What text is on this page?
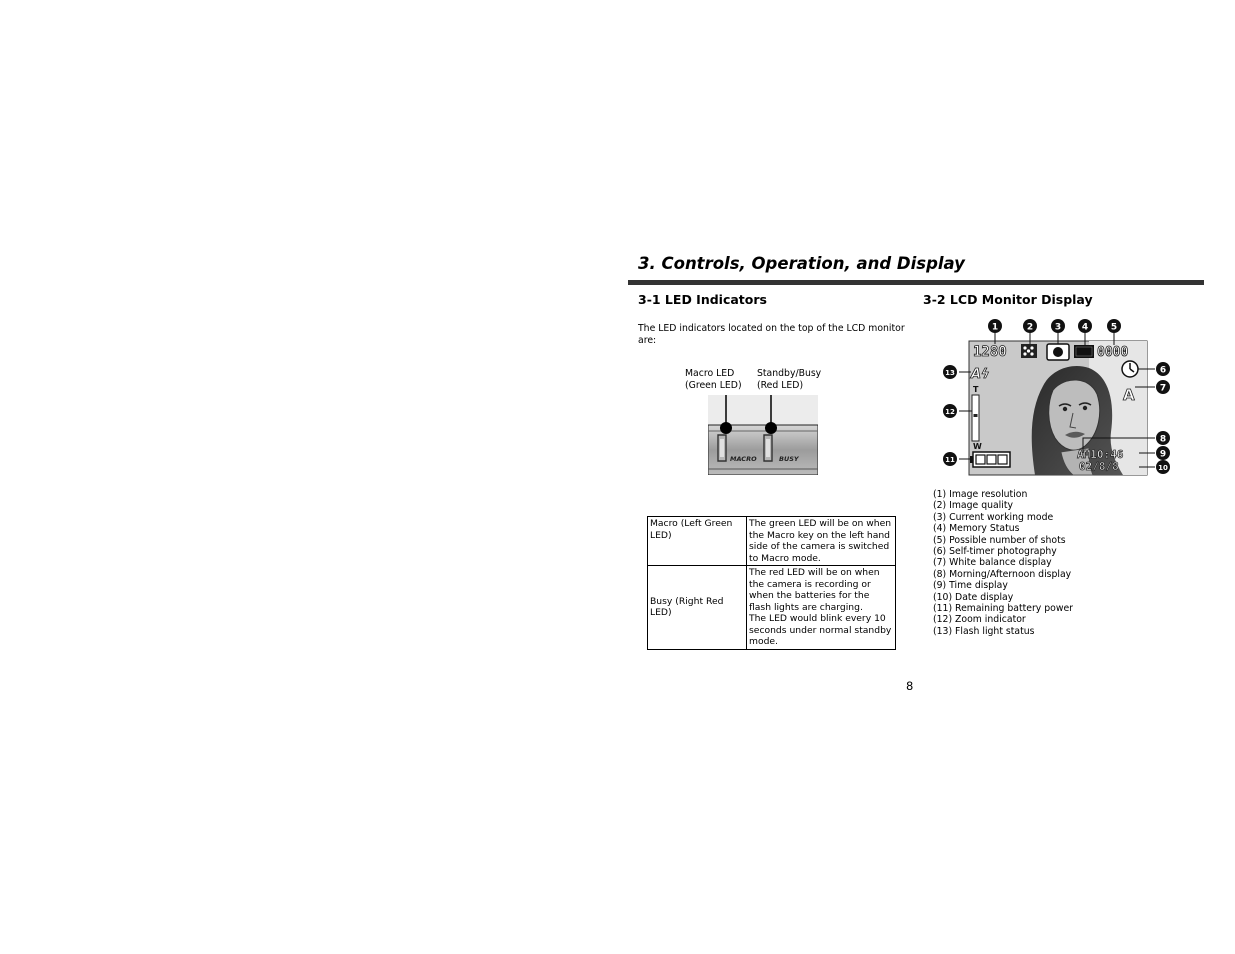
3. Controls, Operation, and Display
3-1 LED Indicators

The LED indicators located on the top of the LCD monitor are:

Macro LED
(Green LED)
Standby/Busy
(Red LED)
MACRO	BUSY
Macro (Left Green LED)	The green LED will be on when the Macro key on the left hand side of the camera is switched to Macro mode.

Busy (Right Red LED)	The red LED will be on when the camera is recording or when the batteries for the flash lights are charging.
The LED would blink every 10 seconds under normal standby mode.
3-2 LCD Monitor Display
1280	0000
Aϟ
T
W
A
AM10:46
02/8/8
1	2 3 4	5
6
7
8
9
10
11
12
13
(1) Image resolution
(2) Image quality
(3) Current working mode
(4) Memory Status
(5) Possible number of shots
(6) Self-timer photography
(7) White balance display
(8) Morning/Afternoon display
(9) Time display
(10) Date display
(11) Remaining battery power
(12) Zoom indicator
(13) Flash light status
8
